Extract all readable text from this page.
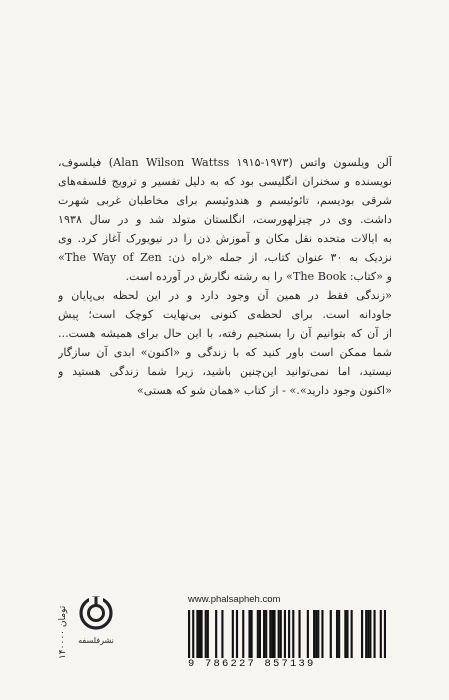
آلن ویلسون واتس (۱۹۷۳-۱۹۱۵ Alan Wilson Wattss) فیلسوف،
نویسنده و سخنران انگلیسی بود که به دلیل تفسیر و ترویج فلسفه‌های
شرقی بودیسم، تائوئیسم و هندوئیسم برای مخاطبان غربی شهرت
داشت. وی در چیزلهورست، انگلستان متولد شد و در سال ۱۹۳۸
به ایالات متحده نقل مکان و آموزش ذن را در نیویورک آغاز کرد. وی
نزدیک به ۳۰ عنوان کتاب، از جمله «راه ذن: The Way of Zen»
و «کتاب: The Book» را به رشته نگارش در آورده است.
«زندگی فقط در همین آن وجود دارد و در این لحظه بی‌پایان و
جاودانه است. برای لحظه‌ی کنونی بی‌نهایت کوچک است؛ پیش
از آن که بتوانیم آن را بسنجیم رفته، با این حال برای همیشه هست...
شما ممکن است باور کنید که با زندگی و «اکنون» ابدی آن سازگار
نیستید، اما نمی‌توانید این‌چنین باشید، زیرا شما زندگی هستید و
«اکنون وجود دارید».» - از کتاب «همان شو که هستی»
۱۴۰۰۰۰ تومان
نشرفلسفه
www.phalsapheh.com
9 786227 857139
